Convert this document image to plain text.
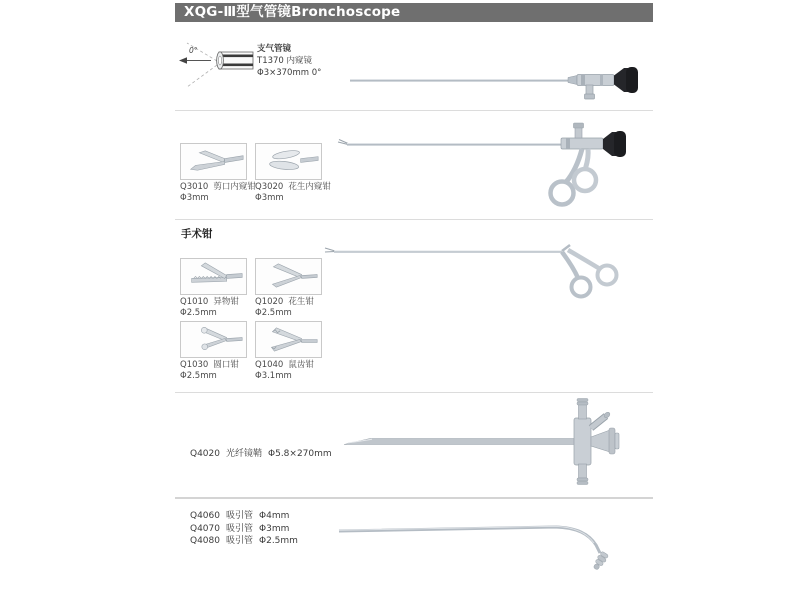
XQG-Ⅲ型气管镜Bronchoscope
0°	支气管镜
T1370 内窥镜
Φ3×370mm 0°
Q3010 剪口内窥钳
Φ3mm
Q3020 花生内窥钳
Φ3mm
手术钳
Q1010 异物钳
Φ2.5mm
Q1020 花生钳
Φ2.5mm
Q1030 圆口钳
Φ2.5mm
Q1040 鼠齿钳
Φ3.1mm
Q4020 光纤镜鞘 Φ5.8×270mm
Q4060 吸引管 Φ4mm
Q4070 吸引管 Φ3mm
Q4080 吸引管 Φ2.5mm
